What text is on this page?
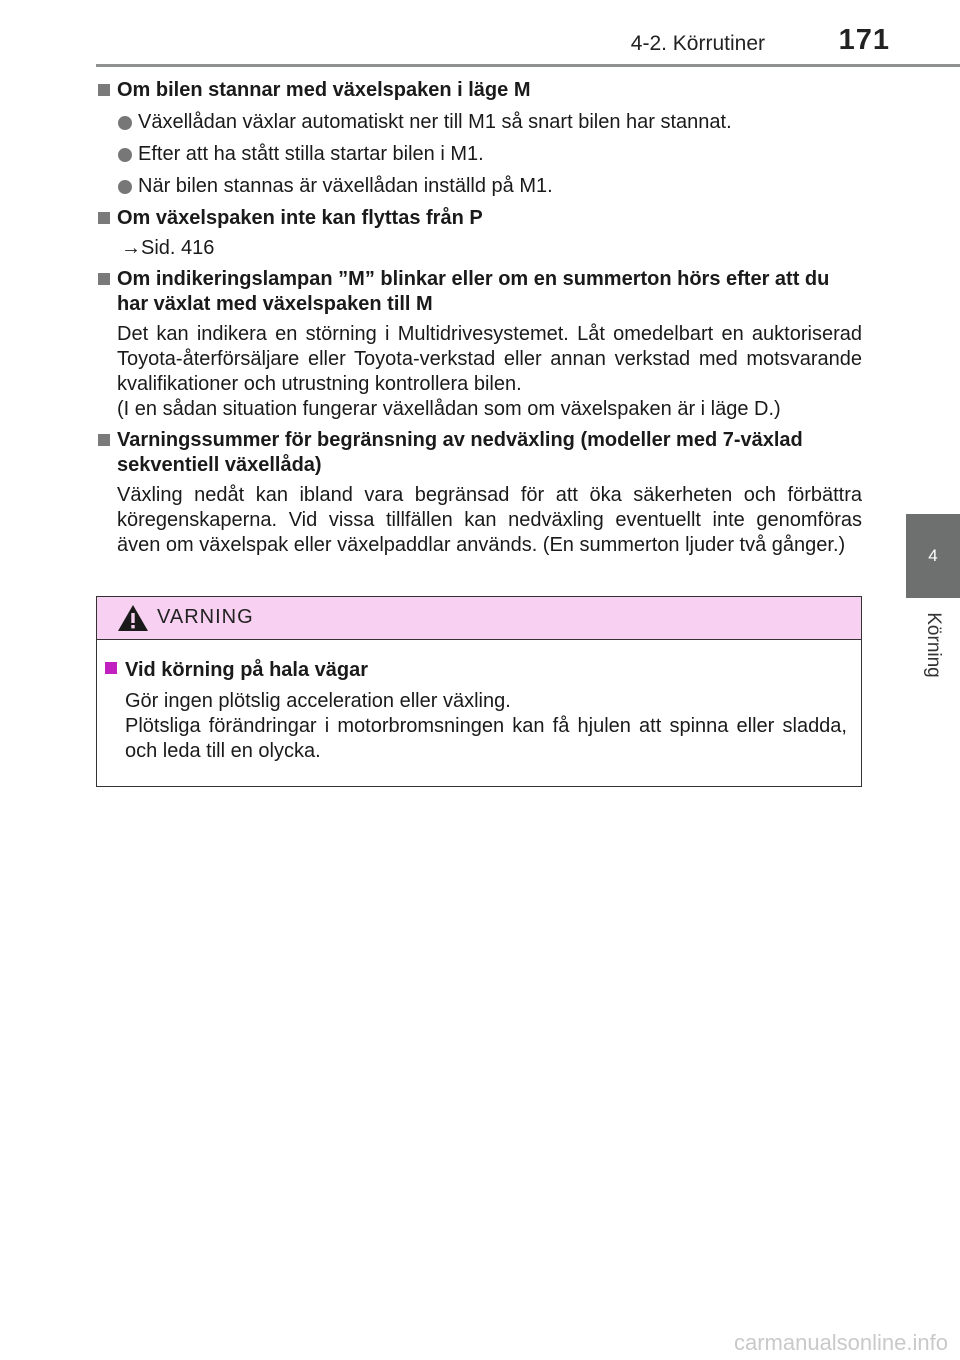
4-2. Körrutiner	171
4
Körning
Om bilen stannar med växelspaken i läge M
Växellådan växlar automatiskt ner till M1 så snart bilen har stannat.
Efter att ha stått stilla startar bilen i M1.
När bilen stannas är växellådan inställd på M1.
Om växelspaken inte kan flyttas från P
→Sid. 416
Om indikeringslampan ”M” blinkar eller om en summerton hörs efter att du har växlat med växelspaken till M

Det kan indikera en störning i Multidrivesystemet. Låt omedelbart en auktoriserad Toyota-återförsäljare eller Toyota-verkstad eller annan verkstad med motsvarande kvalifikationer och utrustning kontrollera bilen.

(I en sådan situation fungerar växellådan som om växelspaken är i läge D.)

Varningssummer för begränsning av nedväxling (modeller med 7-växlad sekventiell växellåda)

Växling nedåt kan ibland vara begränsad för att öka säkerheten och förbättra köregenskaperna. Vid vissa tillfällen kan nedväxling eventuellt inte genomföras även om växelspak eller växelpaddlar används. (En summerton ljuder två gånger.)

VARNING
Vid körning på hala vägar

Gör ingen plötslig acceleration eller växling.

Plötsliga förändringar i motorbromsningen kan få hjulen att spinna eller sladda, och leda till en olycka.

carmanualsonline.info
